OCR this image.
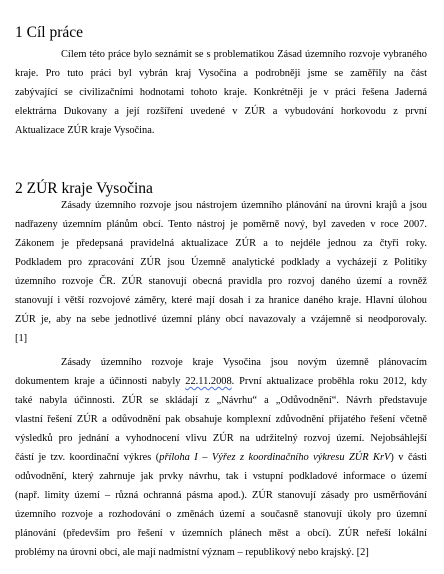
1 Cíl práce

Cílem této práce bylo seznámit se s problematikou Zásad územního rozvoje vybraného
kraje. Pro tuto práci byl vybrán kraj Vysočina a podrobněji jsme se zaměřily na část
zabývající se civilizačními hodnotami tohoto kraje. Konkrétněji je v práci řešena Jaderná
elektrárna Dukovany a její rozšíření uvedené v ZÚR a vybudování horkovodu z první
Aktualizace ZÚR kraje Vysočina.

2 ZÚR kraje Vysočina

Zásady územního rozvoje jsou nástrojem územního plánování na úrovni krajů a jsou
nadřazeny územním plánům obcí. Tento nástroj je poměrně nový, byl zaveden v roce 2007.
Zákonem je předepsaná pravidelná aktualizace ZÚR a to nejdéle jednou za čtyři roky.
Podkladem pro zpracování ZÚR jsou Územně analytické podklady a vycházejí z Politiky
územního rozvoje ČR. ZÚR stanovují obecná pravidla pro rozvoj daného území a rovněž
stanovují i větší rozvojové záměry, které mají dosah i za hranice daného kraje. Hlavní úlohou
ZÚR je, aby na sebe jednotlivé územní plány obcí navazovaly a vzájemně si neodporovaly.
[1]

Zásady územního rozvoje kraje Vysočina jsou novým územně plánovacím
dokumentem kraje a účinnosti nabyly 22.11.2008. První aktualizace proběhla roku 2012, kdy
také nabyla účinnosti. ZÚR se skládají z „Návrhu“ a „Odůvodnění“. Návrh představuje
vlastní řešení ZÚR a odůvodnění pak obsahuje komplexní zdůvodnění přijatého řešení včetně
výsledků pro jednání a vyhodnocení vlivu ZÚR na udržitelný rozvoj území. Nejobsáhlejší
částí je tzv. koordinační výkres (příloha I – Výřez z koordinačního výkresu ZÚR KrV) v části
odůvodnění, který zahrnuje jak prvky návrhu, tak i vstupní podkladové informace o území
(např. limity území – různá ochranná pásma apod.). ZÚR stanovují zásady pro usměrňování
územního rozvoje a rozhodování o změnách území a současně stanovují úkoly pro územní
plánování (především pro řešení v územních plánech měst a obcí). ZÚR neřeší lokální
problémy na úrovni obcí, ale mají nadmístní význam – republikový nebo krajský. [2]
